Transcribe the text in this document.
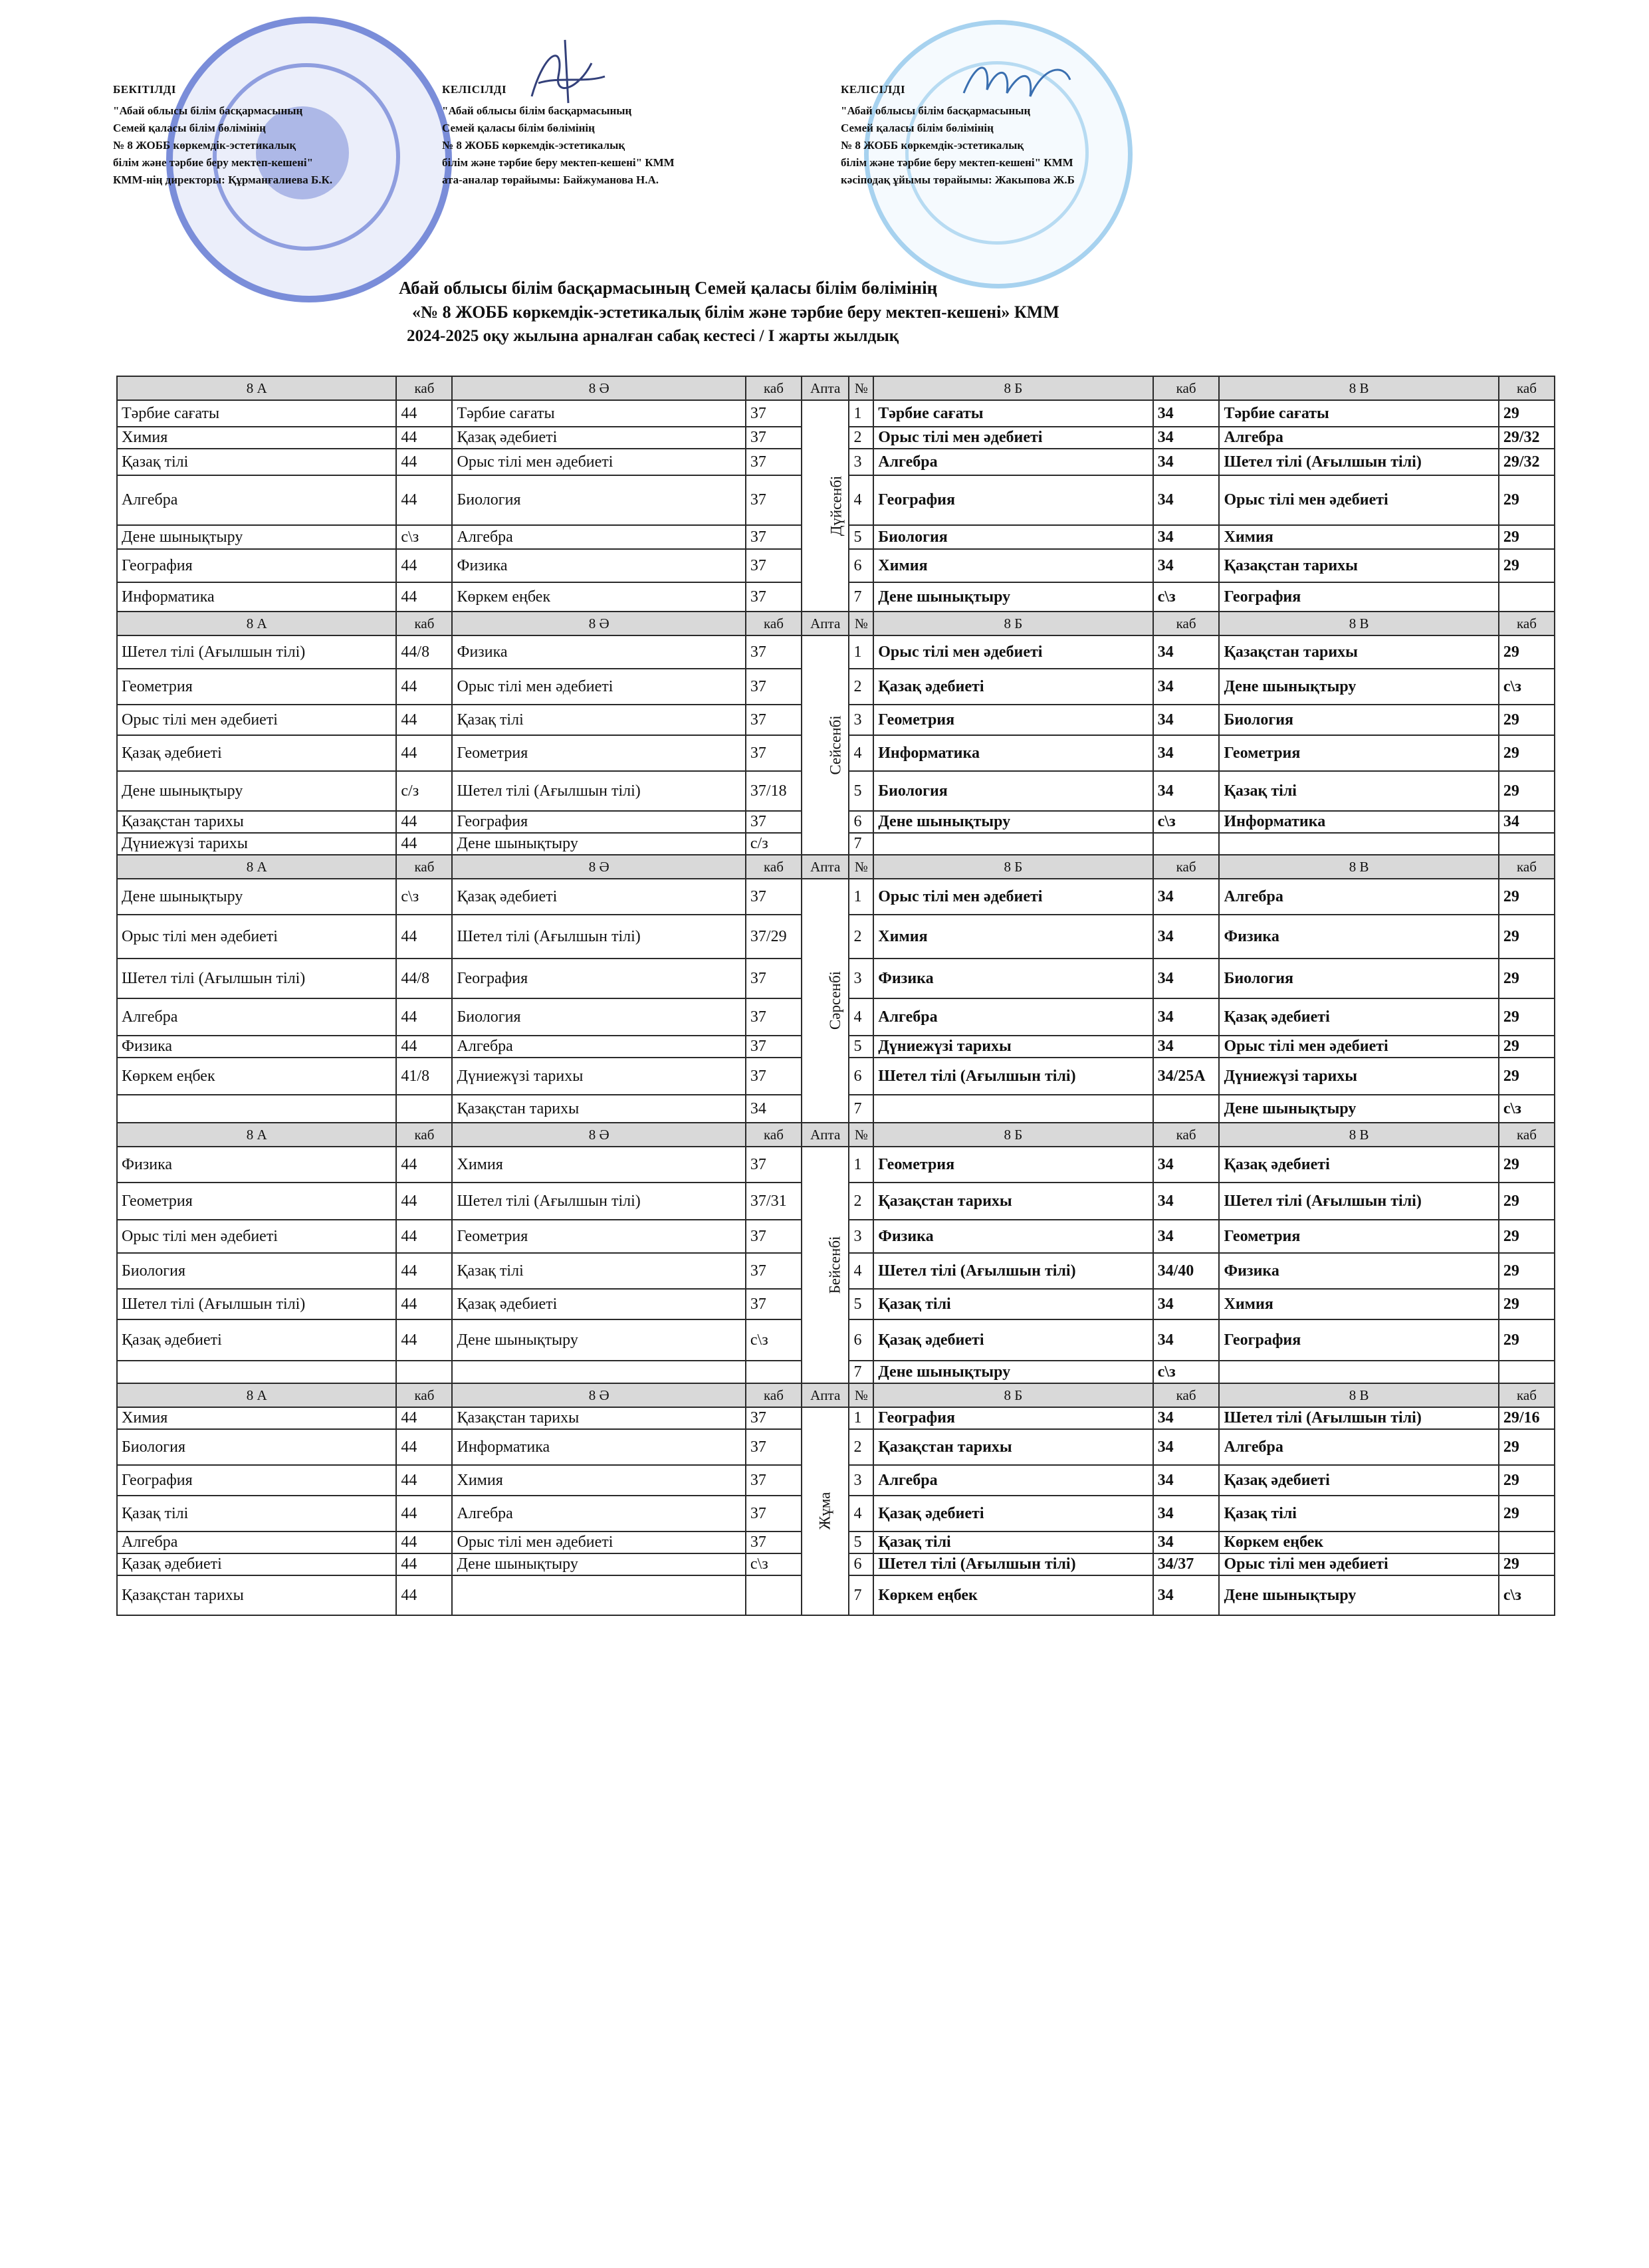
БЕКІТІЛДІ
"Абай облысы білім басқармасының
Семей қаласы білім бөлімінің
№ 8 ЖОББ көркемдік-эстетикалық
білім және тәрбие беру мектеп-кешені"
КММ-нің директоры: Құрманғалиева Б.К.
КЕЛІСІЛДІ
"Абай облысы білім басқармасының
Семей қаласы білім бөлімінің
№ 8 ЖОББ көркемдік-эстетикалық
білім және тәрбие беру мектеп-кешені" КММ
ата-аналар төрайымы: Байжуманова Н.А.
КЕЛІСІЛДІ
"Абай облысы білім басқармасының
Семей қаласы білім бөлімінің
№ 8 ЖОББ көркемдік-эстетикалық
білім және тәрбие беру мектеп-кешені" КММ
кәсіподақ ұйымы төрайымы: Жакыпова Ж.Б
Абай облысы білім басқармасының Семей қаласы білім бөлімінің
«№ 8 ЖОББ көркемдік-эстетикалық білім және тәрбие беру мектеп-кешені» КММ
2024-2025 оқу жылына арналған сабақ кестесі / I жарты жылдық
8 А	каб	8 Ә	каб	Апта	№	8 Б	каб	8 В	каб
Тәрбие сағаты	44	Тәрбие сағаты	37	Дүйсенбі	1	Тәрбие сағаты	34	Тәрбие сағаты	29
Химия	44	Қазақ әдебиеті	37		2	Орыс тілі мен әдебиеті	34	Алгебра	29/32
Қазақ тілі	44	Орыс тілі мен әдебиеті	37		3	Алгебра	34	Шетел тілі (Ағылшын тілі)	29/32
Алгебра	44	Биология	37		4	География	34	Орыс тілі мен әдебиеті	29
Дене шынықтыру	с\з	Алгебра	37		5	Биология	34	Химия	29
География	44	Физика	37		6	Химия	34	Қазақстан тарихы	29
Информатика	44	Көркем еңбек	37		7	Дене шынықтыру	с\з	География	
8 А	каб	8 Ә	каб	Апта	№	8 Б	каб	8 В	каб
Шетел тілі (Ағылшын тілі)	44/8	Физика	37	Сейсенбі	1	Орыс тілі мен әдебиеті	34	Қазақстан тарихы	29
Геометрия	44	Орыс тілі мен әдебиеті	37		2	Қазақ әдебиеті	34	Дене шынықтыру	с\з
Орыс тілі мен әдебиеті	44	Қазақ тілі	37		3	Геометрия	34	Биология	29
Қазақ әдебиеті	44	Геометрия	37		4	Информатика	34	Геометрия	29
Дене шынықтыру	с/з	Шетел тілі (Ағылшын тілі)	37/18		5	Биология	34	Қазақ тілі	29
Қазақстан тарихы	44	География	37		6	Дене шынықтыру	с\з	Информатика	34
Дүниежүзі тарихы	44	Дене шынықтыру	с/з		7				
8 А	каб	8 Ә	каб	Апта	№	8 Б	каб	8 В	каб
Дене шынықтыру	с\з	Қазақ әдебиеті	37	Сәрсенбі	1	Орыс тілі мен әдебиеті	34	Алгебра	29
Орыс тілі мен әдебиеті	44	Шетел тілі (Ағылшын тілі)	37/29		2	Химия	34	Физика	29
Шетел тілі (Ағылшын тілі)	44/8	География	37		3	Физика	34	Биология	29
Алгебра	44	Биология	37		4	Алгебра	34	Қазақ әдебиеті	29
Физика	44	Алгебра	37		5	Дүниежүзі тарихы	34	Орыс тілі мен әдебиеті	29
Көркем еңбек	41/8	Дүниежүзі тарихы	37		6	Шетел тілі (Ағылшын тілі)	34/25А	Дүниежүзі тарихы	29
		Қазақстан тарихы	34		7			Дене шынықтыру	с\з
8 А	каб	8 Ә	каб	Апта	№	8 Б	каб	8 В	каб
Физика	44	Химия	37	Бейсенбі	1	Геометрия	34	Қазақ әдебиеті	29
Геометрия	44	Шетел тілі (Ағылшын тілі)	37/31		2	Қазақстан тарихы	34	Шетел тілі (Ағылшын тілі)	29
Орыс тілі мен әдебиеті	44	Геометрия	37		3	Физика	34	Геометрия	29
Биология	44	Қазақ тілі	37		4	Шетел тілі (Ағылшын тілі)	34/40	Физика	29
Шетел тілі (Ағылшын тілі)	44	Қазақ әдебиеті	37		5	Қазақ тілі	34	Химия	29
Қазақ әдебиеті	44	Дене шынықтыру	с\з		6	Қазақ әдебиеті	34	География	29
					7	Дене шынықтыру	с\з		
8 А	каб	8 Ә	каб	Апта	№	8 Б	каб	8 В	каб
Химия	44	Қазақстан тарихы	37	Жұма	1	География	34	Шетел тілі (Ағылшын тілі)	29/16
Биология	44	Информатика	37		2	Қазақстан тарихы	34	Алгебра	29
География	44	Химия	37		3	Алгебра	34	Қазақ әдебиеті	29
Қазақ тілі	44	Алгебра	37		4	Қазақ әдебиеті	34	Қазақ тілі	29
Алгебра	44	Орыс тілі мен әдебиеті	37		5	Қазақ тілі	34	Көркем еңбек	
Қазақ әдебиеті	44	Дене шынықтыру	с\з		6	Шетел тілі (Ағылшын тілі)	34/37	Орыс тілі мен әдебиеті	29
Қазақстан тарихы	44				7	Көркем еңбек	34	Дене шынықтыру	с\з
